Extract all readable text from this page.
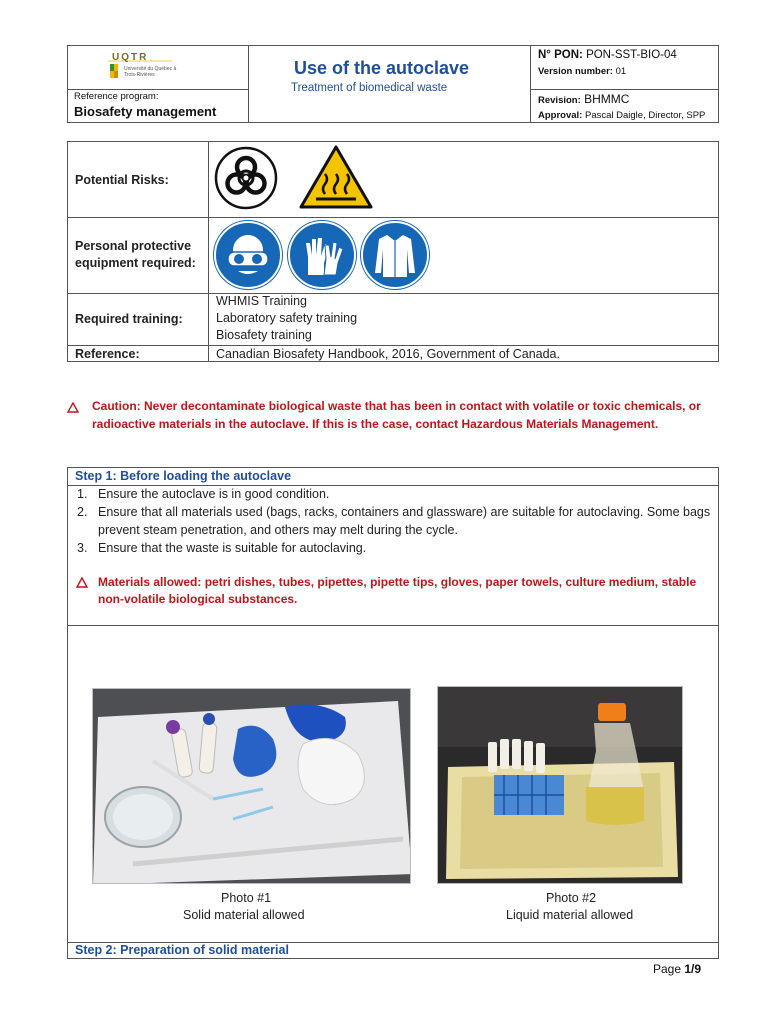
UQTR
Université du Québec à Trois-Rivières
Reference program:
Biosafety management
Use of the autoclave
Treatment of biomedical waste
N° PON: PON-SST-BIO-04
Version number: 01
Revision: BHMMC
Approval: Pascal Daigle, Director, SPP
Potential Risks:
Personal protective
equipment required:
Required training:
WHMIS Training
Laboratory safety training
Biosafety training
Reference:	Canadian Biosafety Handbook, 2016, Government of Canada.
Caution: Never decontaminate biological waste that has been in contact with volatile or toxic chemicals, or
radioactive materials in the autoclave. If this is the case, contact Hazardous Materials Management.
Step 1: Before loading the autoclave
1. Ensure the autoclave is in good condition.
2. Ensure that all materials used (bags, racks, containers and glassware) are suitable for autoclaving. Some bags
prevent steam penetration, and others may melt during the cycle.
3. Ensure that the waste is suitable for autoclaving.
Materials allowed: petri dishes, tubes, pipettes, pipette tips, gloves, paper towels, culture medium, stable
non-volatile biological substances.
Photo #1
Solid material allowed
Photo #2
Liquid material allowed
Step 2: Preparation of solid material
Page 1/9
